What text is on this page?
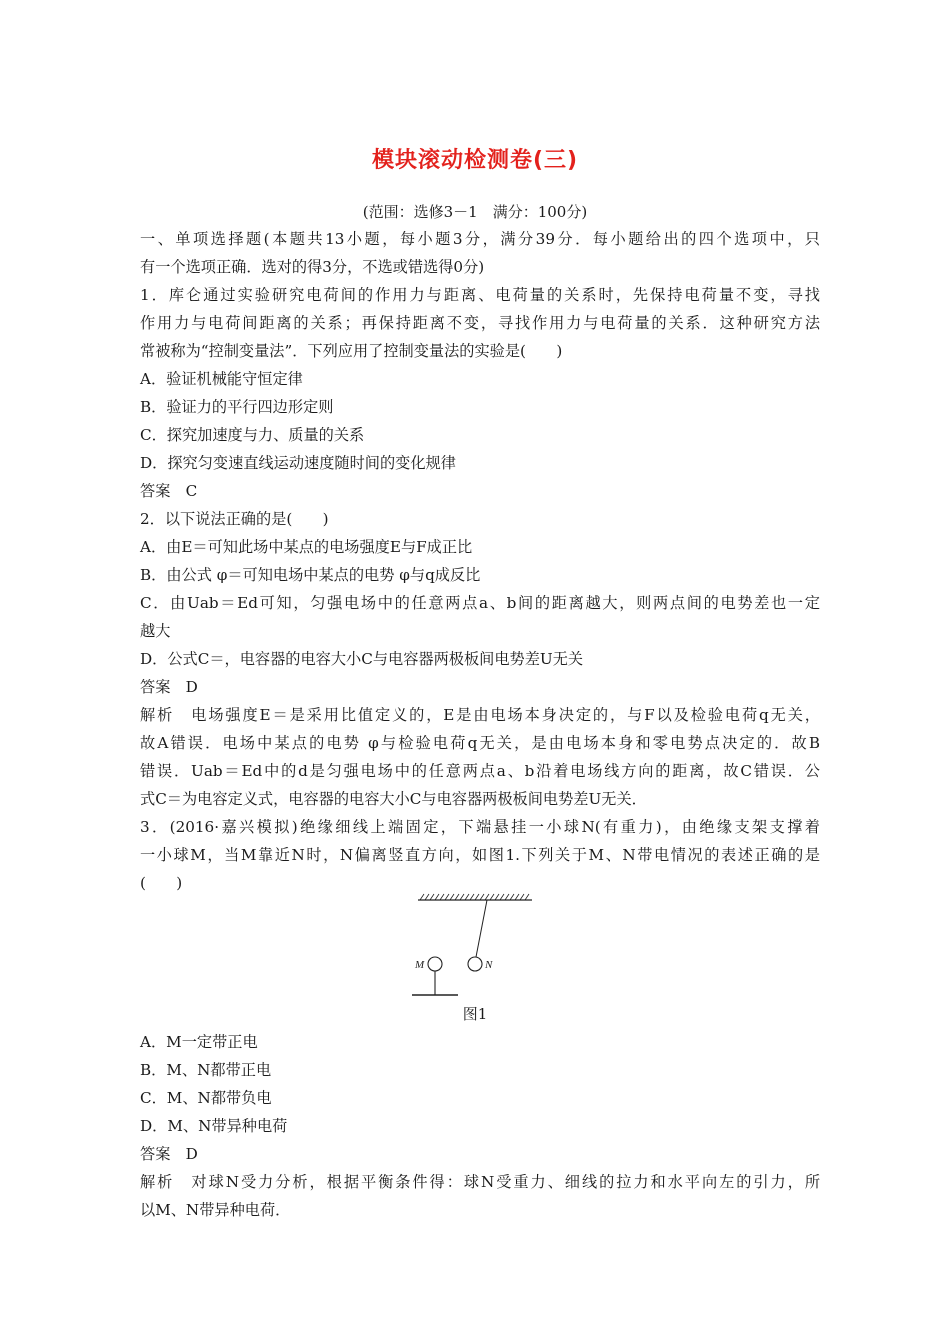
模块滚动检测卷(三)
(范围：选修3－1　满分：100分)
一、单项选择题(本题共13小题，每小题3分，满分39分．每小题给出的四个选项中，只
有一个选项正确．选对的得3分，不选或错选得0分)
1．库仑通过实验研究电荷间的作用力与距离、电荷量的关系时，先保持电荷量不变，寻找
作用力与电荷间距离的关系；再保持距离不变，寻找作用力与电荷量的关系．这种研究方法
常被称为“控制变量法”．下列应用了控制变量法的实验是(　　)
A．验证机械能守恒定律
B．验证力的平行四边形定则
C．探究加速度与力、质量的关系
D．探究匀变速直线运动速度随时间的变化规律
答案　C
2．以下说法正确的是(　　)
A．由E＝可知此场中某点的电场强度E与F成正比
B．由公式 φ＝可知电场中某点的电势 φ与q成反比
C．由Uab＝Ed可知，匀强电场中的任意两点a、b间的距离越大，则两点间的电势差也一定
越大
D．公式C＝，电容器的电容大小C与电容器两极板间电势差U无关
答案　D
解析　电场强度E＝是采用比值定义的，E是由电场本身决定的，与F以及检验电荷q无关，
故A错误．电场中某点的电势 φ与检验电荷q无关，是由电场本身和零电势点决定的．故B
错误．Uab＝Ed中的d是匀强电场中的任意两点a、b沿着电场线方向的距离，故C错误．公
式C＝为电容定义式，电容器的电容大小C与电容器两极板间电势差U无关．
3．(2016·嘉兴模拟)绝缘细线上端固定，下端悬挂一小球N(有重力)，由绝缘支架支撑着
一小球M，当M靠近N时，N偏离竖直方向，如图1.下列关于M、N带电情况的表述正确的是
(　　)
N
M
图1
A．M一定带正电
B．M、N都带正电
C．M、N都带负电
D．M、N带异种电荷
答案　D
解析　对球N受力分析，根据平衡条件得：球N受重力、细线的拉力和水平向左的引力，所
以M、N带异种电荷．
